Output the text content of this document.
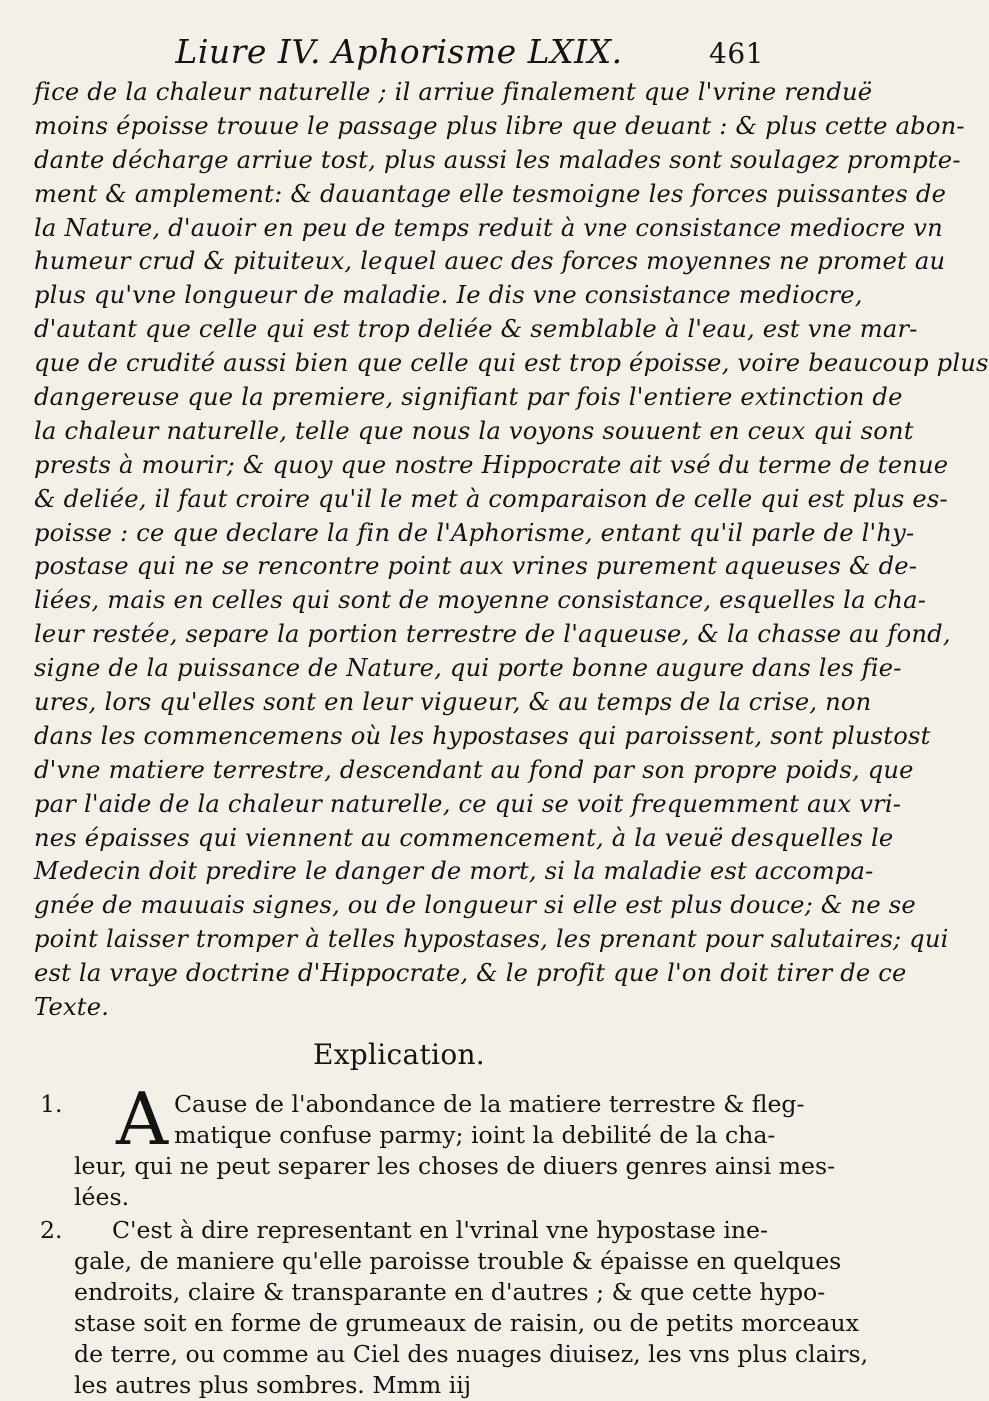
Liure IV. Aphorisme LXIX.	461
fice de la chaleur naturelle ; il arriue finalement que l'vrine renduë
moins époisse trouue le passage plus libre que deuant : & plus cette abon-
dante décharge arriue tost, plus aussi les malades sont soulagez prompte-
ment & amplement: & dauantage elle tesmoigne les forces puissantes de
la Nature, d'auoir en peu de temps reduit à vne consistance mediocre vn
humeur crud & pituiteux, lequel auec des forces moyennes ne promet au
plus qu'vne longueur de maladie. Ie dis vne consistance mediocre,
d'autant que celle qui est trop deliée & semblable à l'eau, est vne mar-
que de crudité aussi bien que celle qui est trop époisse, voire beaucoup plus
dangereuse que la premiere, signifiant par fois l'entiere extinction de
la chaleur naturelle, telle que nous la voyons souuent en ceux qui sont
prests à mourir; & quoy que nostre Hippocrate ait vsé du terme de tenue
& deliée, il faut croire qu'il le met à comparaison de celle qui est plus es-
poisse : ce que declare la fin de l'Aphorisme, entant qu'il parle de l'hy-
postase qui ne se rencontre point aux vrines purement aqueuses & de-
liées, mais en celles qui sont de moyenne consistance, esquelles la cha-
leur restée, separe la portion terrestre de l'aqueuse, & la chasse au fond,
signe de la puissance de Nature, qui porte bonne augure dans les fie-
ures, lors qu'elles sont en leur vigueur, & au temps de la crise, non
dans les commencemens où les hypostases qui paroissent, sont plustost
d'vne matiere terrestre, descendant au fond par son propre poids, que
par l'aide de la chaleur naturelle, ce qui se voit frequemment aux vri-
nes épaisses qui viennent au commencement, à la veuë desquelles le
Medecin doit predire le danger de mort, si la maladie est accompa-
gnée de mauuais signes, ou de longueur si elle est plus douce; & ne se
point laisser tromper à telles hypostases, les prenant pour salutaires; qui
est la vraye doctrine d'Hippocrate, & le profit que l'on doit tirer de ce
Texte.
Explication.
1. A Cause de l'abondance de la matiere terrestre & fleg-
matique confuse parmy; ioint la debilité de la cha-
leur, qui ne peut separer les choses de diuers genres ainsi mes-
lées.
2. C'est à dire representant en l'vrinal vne hypostase ine-
gale, de maniere qu'elle paroisse trouble & épaisse en quelques
endroits, claire & transparante en d'autres ; & que cette hypo-
stase soit en forme de grumeaux de raisin, ou de petits morceaux
de terre, ou comme au Ciel des nuages diuisez, les vns plus clairs,
les autres plus sombres. Mmm iij
